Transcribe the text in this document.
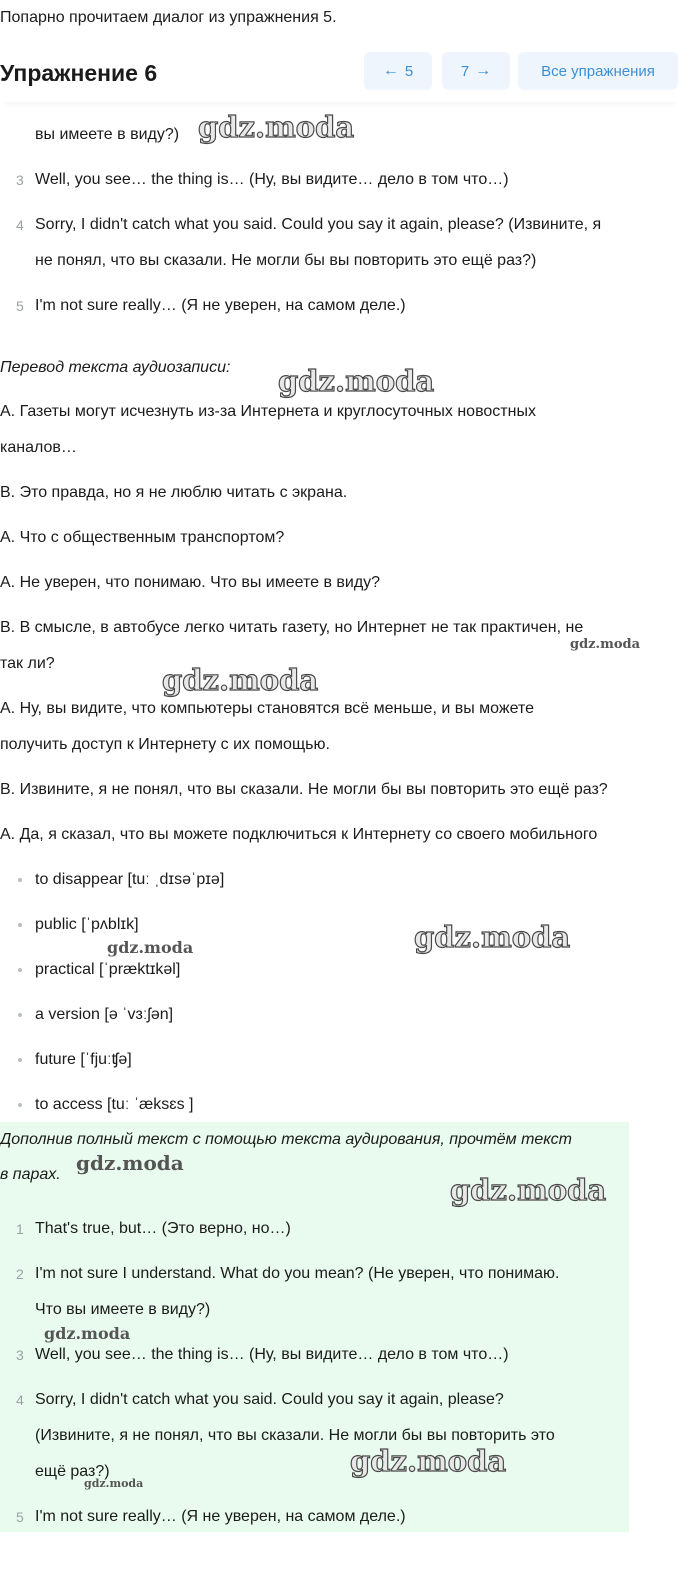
Попарно прочитаем диалог из упражнения 5.
Упражнение 6	← 5	7 →	Все упражнения
вы имеете в виду?)
3 Well, you see… the thing is… (Ну, вы видите… дело в том что…)
4 Sorry, I didn't catch what you said. Could you say it again, please? (Извините, я
не понял, что вы сказали. Не могли бы вы повторить это ещё раз?)
5 I'm not sure really… (Я не уверен, на самом деле.)
Перевод текста аудиозаписи:
А. Газеты могут исчезнуть из-за Интернета и круглосуточных новостных
каналов…
В. Это правда, но я не люблю читать с экрана.
А. Что с общественным транспортом?
А. Не уверен, что понимаю. Что вы имеете в виду?
В. В смысле, в автобусе легко читать газету, но Интернет не так практичен, не
так ли?
А. Ну, вы видите, что компьютеры становятся всё меньше, и вы можете
получить доступ к Интернету с их помощью.
В. Извините, я не понял, что вы сказали. Не могли бы вы повторить это ещё раз?
А. Да, я сказал, что вы можете подключиться к Интернету со своего мобильного
to disappear [tuː ˌdɪsəˈpɪə]
public [ˈpʌblɪk]
practical [ˈpræktɪkəl]
a version [ə ˈvɜːʃən]
future [ˈfjuːʧə]
to access [tuː ˈæksɛs ]
Дополнив полный текст с помощью текста аудирования, прочтём текст
в парах.
1 That's true, but… (Это верно, но…)
2 I'm not sure I understand. What do you mean? (Не уверен, что понимаю.
Что вы имеете в виду?)
3 Well, you see… the thing is… (Ну, вы видите… дело в том что…)
4 Sorry, I didn't catch what you said. Could you say it again, please?
(Извините, я не понял, что вы сказали. Не могли бы вы повторить это
ещё раз?)
5 I'm not sure really… (Я не уверен, на самом деле.)
gdz.moda
gdz.moda
gdz.moda
gdz.moda
gdz.moda
gdz.moda
gdz.moda
gdz.moda
gdz.moda
gdz.moda
gdz.moda
